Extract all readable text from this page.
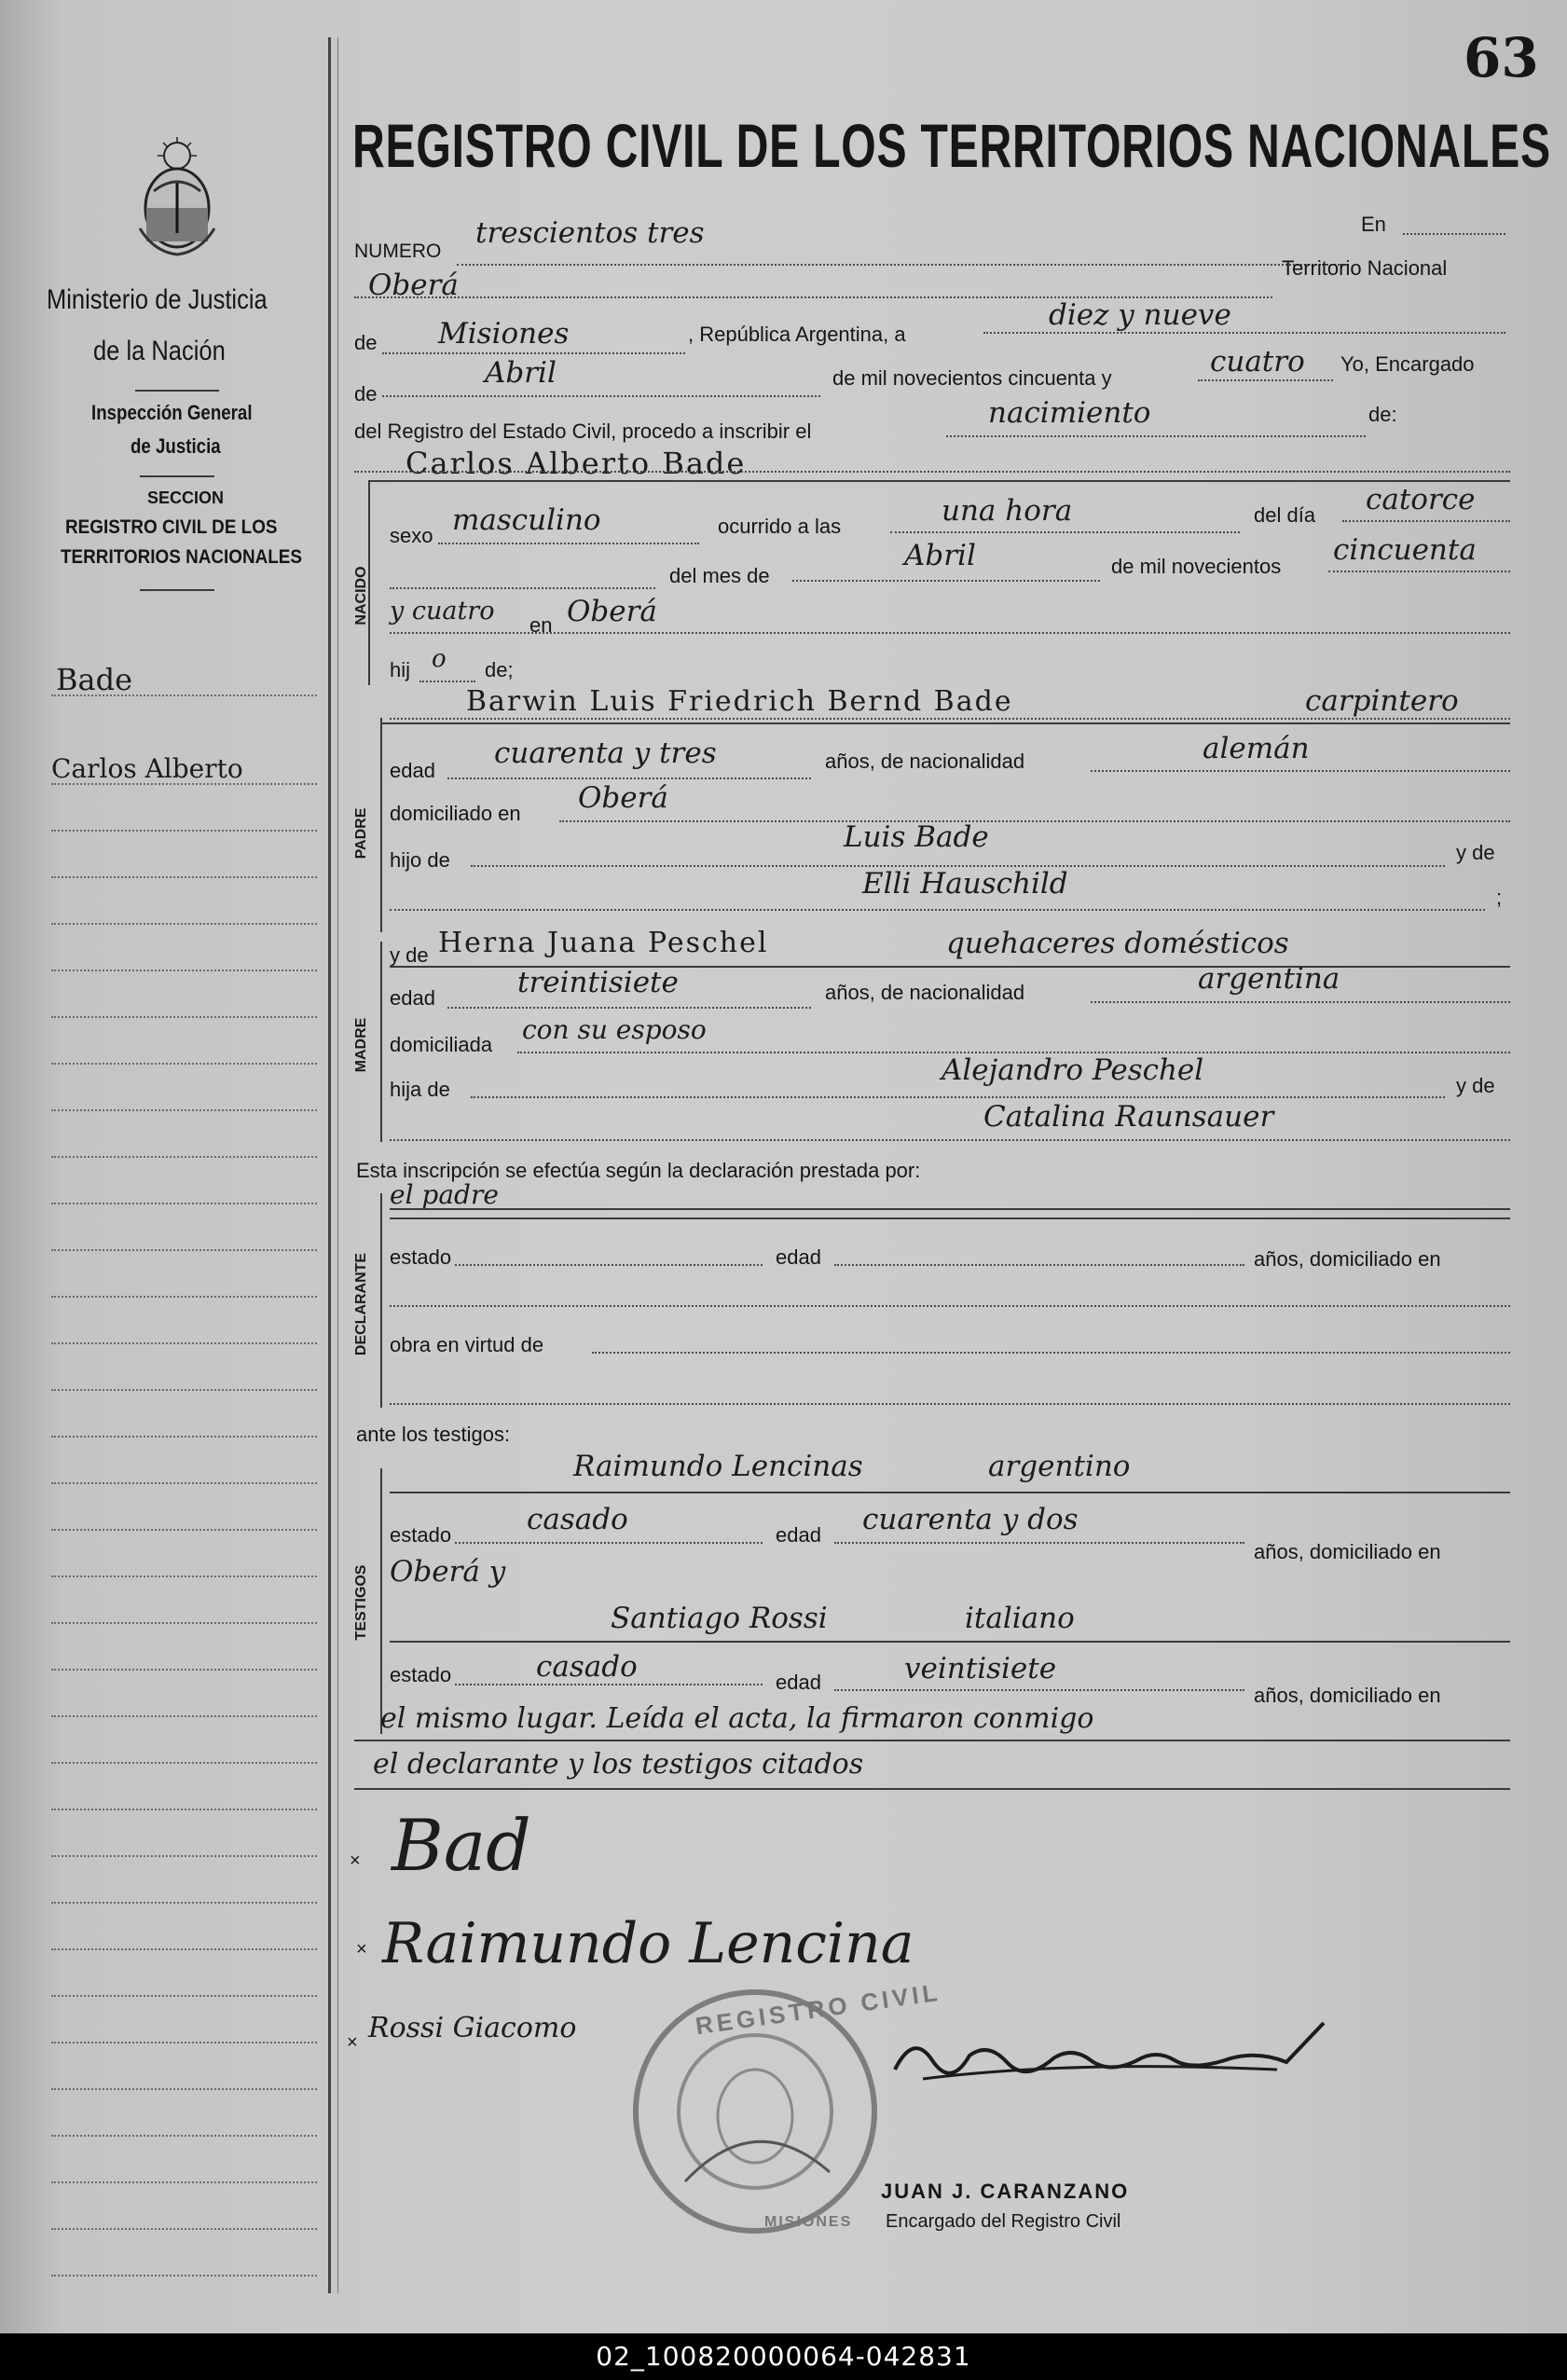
63
Ministerio de Justicia
de la Nación
Inspección General
de Justicia
SECCION
REGISTRO CIVIL DE LOS
TERRITORIOS NACIONALES
Bade
Carlos Alberto
REGISTRO CIVIL DE LOS TERRITORIOS NACIONALES
NUMERO
trescientos tres	En
Oberá
Territorio Nacional
de Misiones	, República Argentina, a
diez y nueve
de
Abril	de mil novecientos cincuenta y	cuatro Yo, Encargado
del Registro del Estado Civil, procedo a inscribir el
nacimiento	de:
NACIDO
Carlos Alberto Bade
sexo masculino	ocurrido a las	una hora	del día catorce
del mes de
Abril	de mil novecientos cincuenta
y cuatro en Oberá
hij o de;
PADRE
Barwin Luis Friedrich Bernd Bade	carpintero
edad
cuarenta y tres	años, de nacionalidad	alemán
domiciliado en Oberá
hijo de
Luis Bade	y de
Elli Hauschild	;
MADRE
y de Herna Juana Peschel	quehaceres domésticos
edad	treintisiete	años, de nacionalidad	argentina
domiciliada con su esposo
hija de
Alejandro Peschel	y de
Catalina Raunsauer
Esta inscripción se efectúa según la declaración prestada por:
el padre
DECLARANTE estado	edad	años, domiciliado en
obra en virtud de
ante los testigos:
TESTIGOS
Raimundo Lencinas	argentino
estado	casado	edad cuarenta y dos
años, domiciliado en
Oberá y
Santiago Rossi	italiano
estado	casado	edad	veintisiete
años, domiciliado en
el mismo lugar. Leída el acta, la firmaron conmigo
el declarante y los testigos citados
× Bad
× Raimundo Lencina
× Rossi Giacomo	REGISTRO CIVIL
MISIONES
JUAN J. CARANZANO
Encargado del Registro Civil
02_100820000064-042831
